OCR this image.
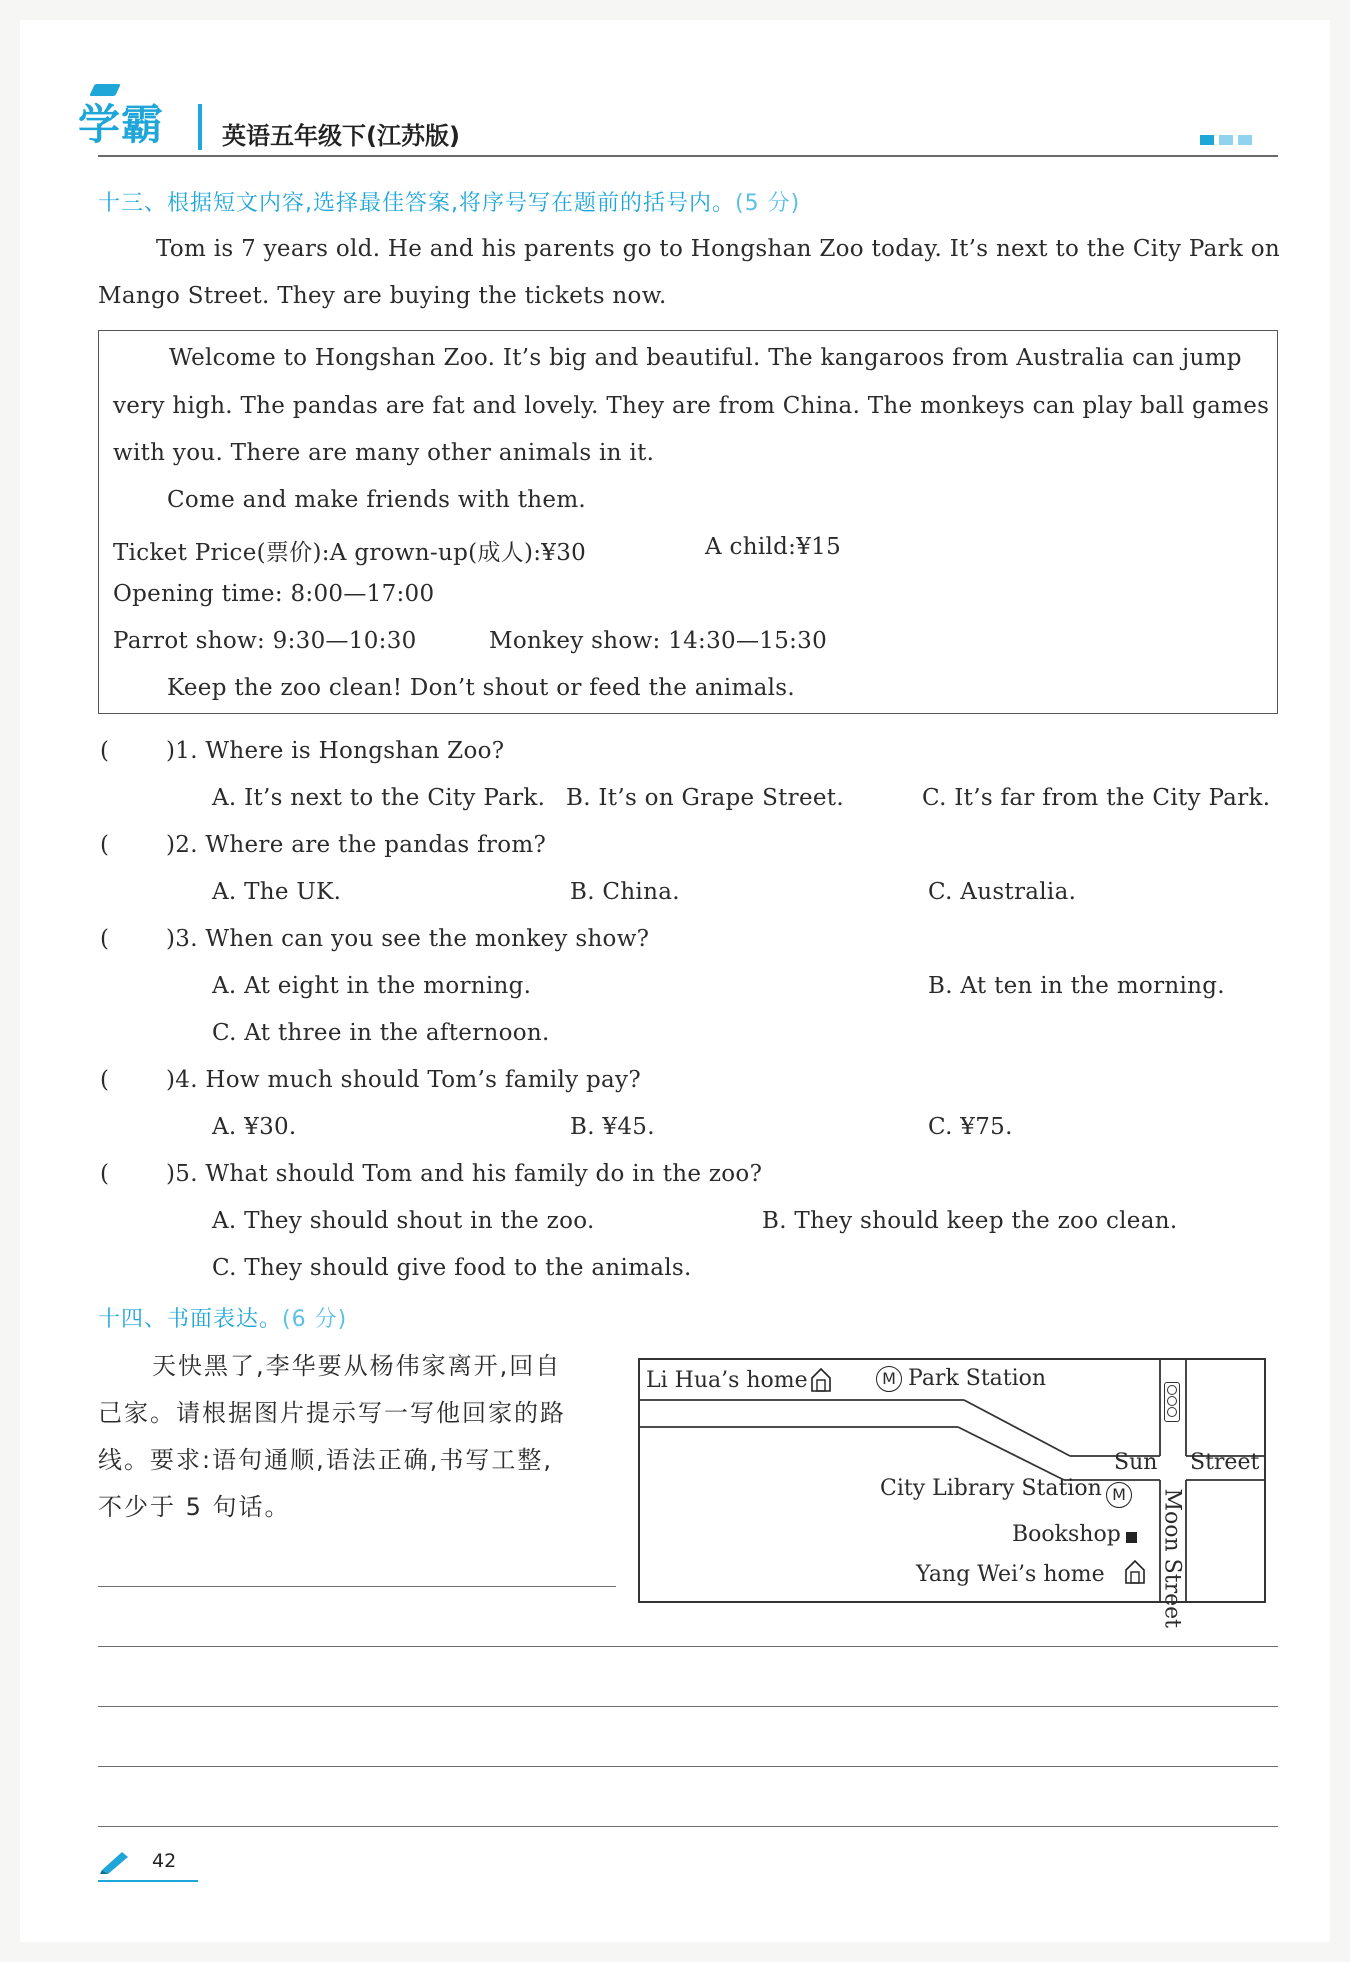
学霸 英语五年级下(江苏版)
十三、根据短文内容,选择最佳答案,将序号写在题前的括号内。(5 分)
Tom is 7 years old. He and his parents go to Hongshan Zoo today. It’s next to the City Park on
Mango Street. They are buying the tickets now.
Welcome to Hongshan Zoo. It’s big and beautiful. The kangaroos from Australia can jump
very high. The pandas are fat and lovely. They are from China. The monkeys can play ball games
with you. There are many other animals in it.
Come and make friends with them.
Ticket Price(票价):A grown-up(成人):¥30	A child:¥15
Opening time: 8:00—17:00
Parrot show: 9:30—10:30	Monkey show: 14:30—15:30
Keep the zoo clean! Don’t shout or feed the animals.
( )1. Where is Hongshan Zoo?
A. It’s next to the City Park. B. It’s on Grape Street.	C. It’s far from the City Park.
( )2. Where are the pandas from?
A. The UK.	B. China.	C. Australia.
( )3. When can you see the monkey show?
A. At eight in the morning.	B. At ten in the morning.
C. At three in the afternoon.
( )4. How much should Tom’s family pay?
A. ¥30.	B. ¥45.	C. ¥75.
( )5. What should Tom and his family do in the zoo?
A. They should shout in the zoo.	B. They should keep the zoo clean.
C. They should give food to the animals.
十四、书面表达。(6 分)
天快黑了,李华要从杨伟家离开,回自
己家。请根据图片提示写一写他回家的路
线。要求:语句通顺,语法正确,书写工整,
不少于 5 句话。
Li Hua’s home	M Park Station
Sun Street
City Library Station M
Bookshop
Yang Wei’s home Moon Street
42
